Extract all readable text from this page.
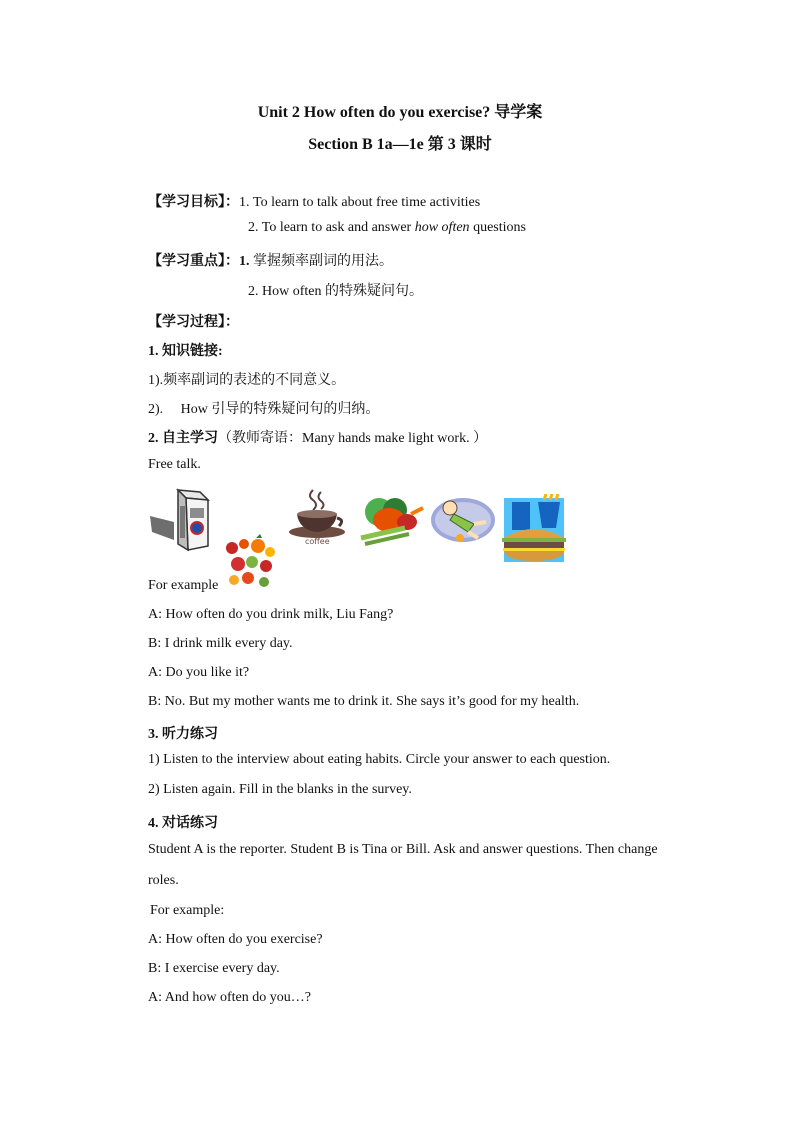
Unit 2 How often do you exercise? 导学案
Section B 1a—1e 第 3 课时
【学习目标】：1. To learn to talk about free time activities
2. To learn to ask and answer how often questions
【学习重点】：1. 掌握频率副词的用法。
2. How often 的特殊疑问句。
【学习过程】：
1. 知识链接:
1).频率副词的表述的不同意义。
2).     How 引导的特殊疑问句的归纳。
2. 自主学习（教师寄语：Many hands make light work. ）
Free talk.
coffee
For example
A: How often do you drink milk, Liu Fang?
B: I drink milk every day.
A: Do you like it?
B: No. But my mother wants me to drink it. She says it’s good for my health.
3. 听力练习
1) Listen to the interview about eating habits. Circle your answer to each question.
2) Listen again. Fill in the blanks in the survey.
4. 对话练习
Student A is the reporter. Student B is Tina or Bill. Ask and answer questions. Then change
roles.
For example:
A: How often do you exercise?
B: I exercise every day.
A: And how often do you…?
